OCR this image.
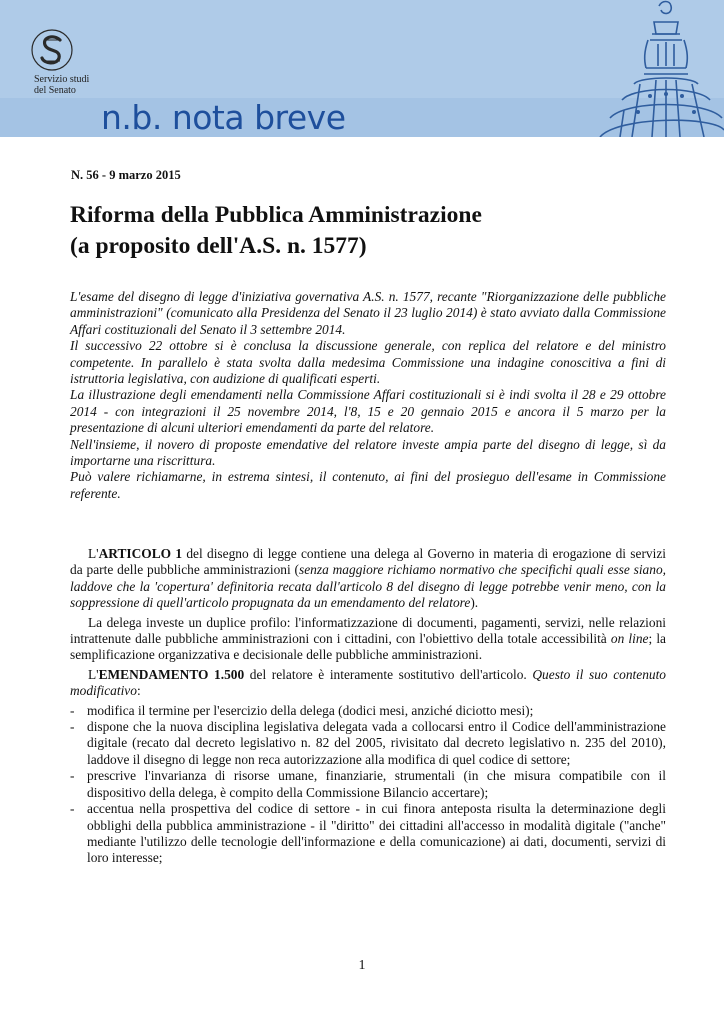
Servizio studi
del Senato
n.b. nota breve
N. 56 - 9 marzo 2015
Riforma della Pubblica Amministrazione
(a proposito dell'A.S. n. 1577)

L'esame del disegno di legge d'iniziativa governativa A.S. n. 1577, recante "Riorganizzazione delle pubbliche amministrazioni" (comunicato alla Presidenza del Senato il 23 luglio 2014) è stato avviato dalla Commissione Affari costituzionali del Senato il 3 settembre 2014.

Il successivo 22 ottobre si è conclusa la discussione generale, con replica del relatore e del ministro competente. In parallelo è stata svolta dalla medesima Commissione una indagine conoscitiva a fini di istruttoria legislativa, con audizione di qualificati esperti.

La illustrazione degli emendamenti nella Commissione Affari costituzionali si è indi svolta il 28 e 29 ottobre 2014 - con integrazioni il 25 novembre 2014, l'8, 15 e 20 gennaio 2015 e ancora il 5 marzo per la presentazione di alcuni ulteriori emendamenti da parte del relatore.

Nell'insieme, il novero di proposte emendative del relatore investe ampia parte del disegno di legge, sì da importarne una riscrittura.

Può valere richiamarne, in estrema sintesi, il contenuto, ai fini del prosieguo dell'esame in Commissione referente.

L'ARTICOLO 1 del disegno di legge contiene una delega al Governo in materia di erogazione di servizi da parte delle pubbliche amministrazioni (senza maggiore richiamo normativo che specifichi quali esse siano, laddove che la 'copertura' definitoria recata dall'articolo 8 del disegno di legge potrebbe venir meno, con la soppressione di quell'articolo propugnata da un emendamento del relatore).

La delega investe un duplice profilo: l'informatizzazione di documenti, pagamenti, servizi, nelle relazioni intrattenute dalle pubbliche amministrazioni con i cittadini, con l'obiettivo della totale accessibilità on line; la semplificazione organizzativa e decisionale delle pubbliche amministrazioni.

L'EMENDAMENTO 1.500 del relatore è interamente sostitutivo dell'articolo. Questo il suo contenuto modificativo:

- modifica il termine per l'esercizio della delega (dodici mesi, anziché diciotto mesi);
- dispone che la nuova disciplina legislativa delegata vada a collocarsi entro il Codice dell'amministrazione digitale (recato dal decreto legislativo n. 82 del 2005, rivisitato dal decreto legislativo n. 235 del 2010), laddove il disegno di legge non reca autorizzazione alla modifica di quel codice di settore;
- prescrive l'invarianza di risorse umane, finanziarie, strumentali (in che misura compatibile con il dispositivo della delega, è compito della Commissione Bilancio accertare);
- accentua nella prospettiva del codice di settore - in cui finora anteposta risulta la determinazione degli obblighi della pubblica amministrazione - il "diritto" dei cittadini all'accesso in modalità digitale ("anche" mediante l'utilizzo delle tecnologie dell'informazione e della comunicazione) ai dati, documenti, servizi di loro interesse;
1
